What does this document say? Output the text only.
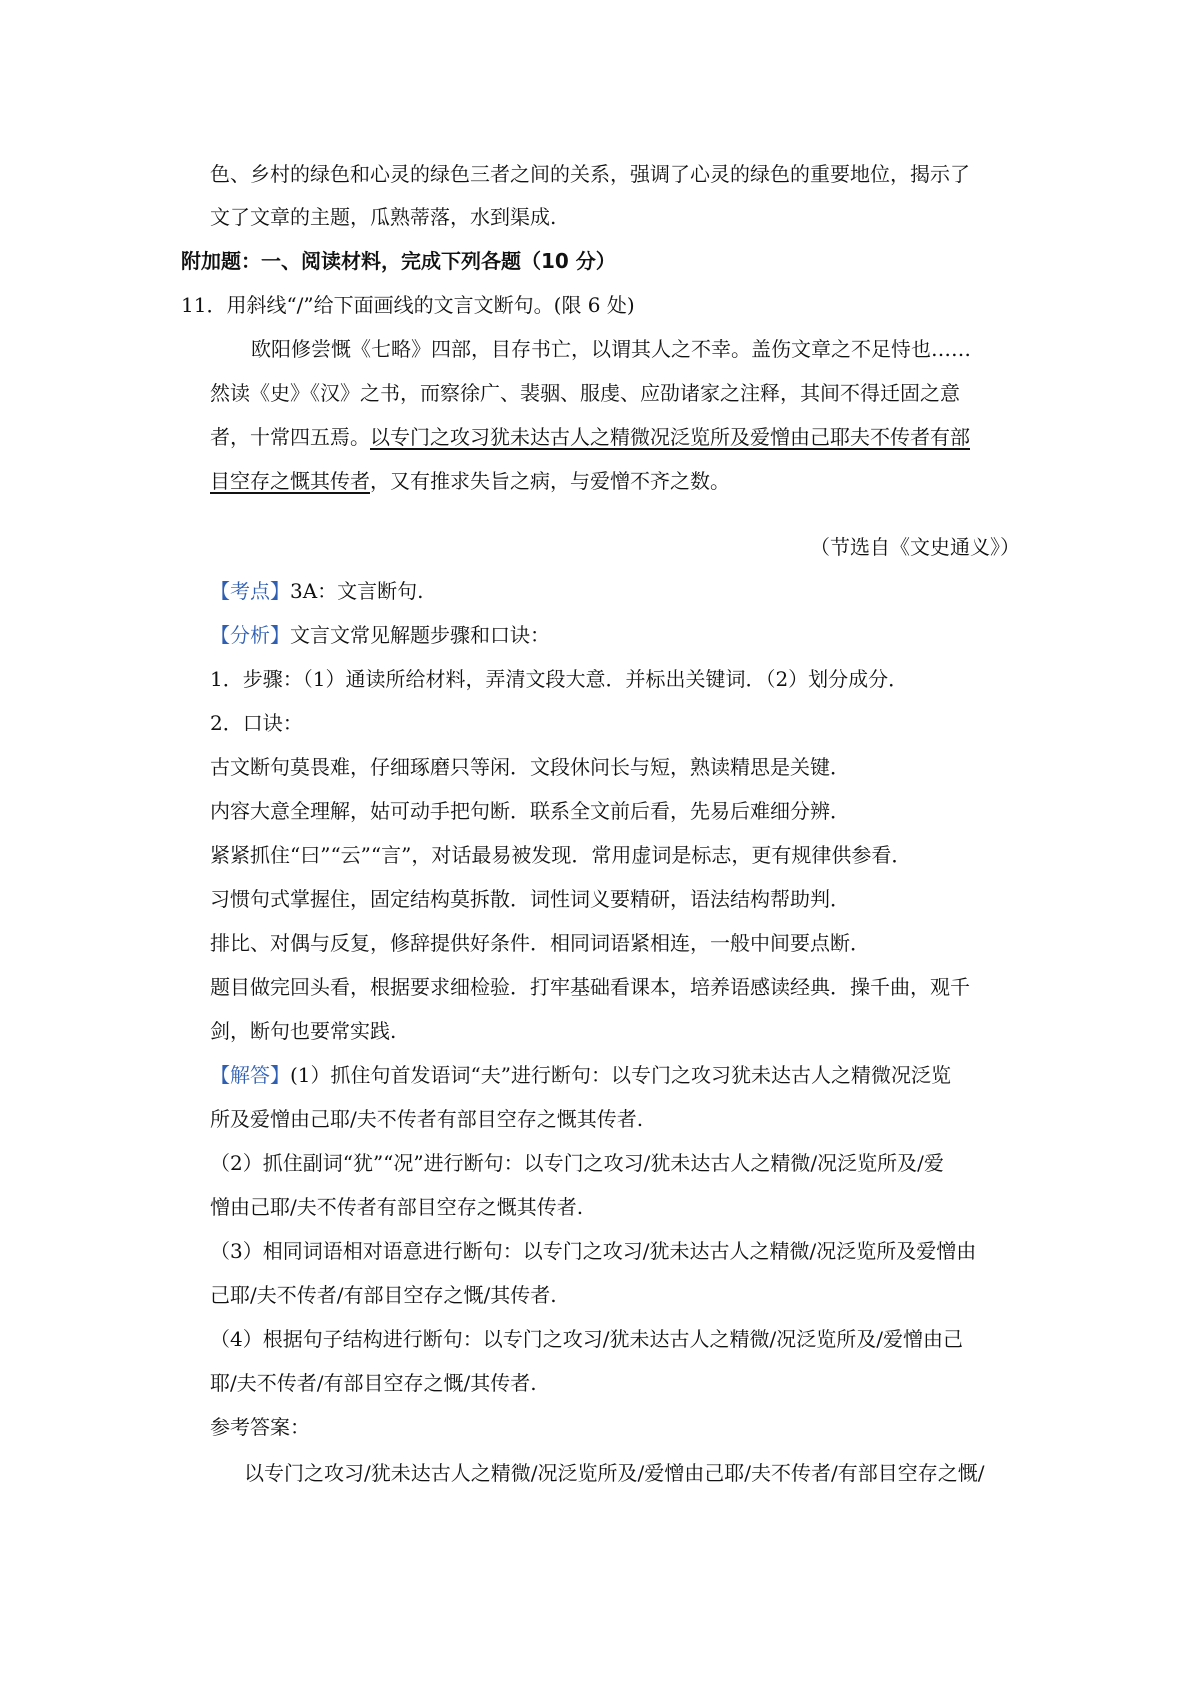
色、乡村的绿色和心灵的绿色三者之间的关系，强调了心灵的绿色的重要地位，揭示了
文了文章的主题，瓜熟蒂落，水到渠成.
附加题：一、阅读材料，完成下列各题（10 分）
11．用斜线“/”给下面画线的文言文断句。(限 6 处)
欧阳修尝慨《七略》四部，目存书亡，以谓其人之不幸。盖伤文章之不足恃也……
然读《史》《汉》之书，而察徐广、裴骃、服虔、应劭诸家之注释，其间不得迁固之意
者，十常四五焉。以专门之攻习犹未达古人之精微况泛览所及爱憎由己耶夫不传者有部
目空存之慨其传者，又有推求失旨之病，与爱憎不齐之数。
（节选自《文史通义》）
【考点】3A：文言断句.
【分析】文言文常见解题步骤和口诀：
1．步骤：（1）通读所给材料，弄清文段大意．并标出关键词．（2）划分成分．
2．口诀：
古文断句莫畏难，仔细琢磨只等闲．文段休问长与短，熟读精思是关键．
内容大意全理解，姑可动手把句断．联系全文前后看，先易后难细分辨．
紧紧抓住“曰”“云”“言”，对话最易被发现．常用虚词是标志，更有规律供参看．
习惯句式掌握住，固定结构莫拆散．词性词义要精研，语法结构帮助判．
排比、对偶与反复，修辞提供好条件．相同词语紧相连，一般中间要点断．
题目做完回头看，根据要求细检验．打牢基础看课本，培养语感读经典．操千曲，观千
剑，断句也要常实践.
【解答】(1）抓住句首发语词“夫”进行断句：以专门之攻习犹未达古人之精微况泛览
所及爱憎由己耶/夫不传者有部目空存之慨其传者.
（2）抓住副词“犹”“况”进行断句：以专门之攻习/犹未达古人之精微/况泛览所及/爱
憎由己耶/夫不传者有部目空存之慨其传者.
（3）相同词语相对语意进行断句：以专门之攻习/犹未达古人之精微/况泛览所及爱憎由
己耶/夫不传者/有部目空存之慨/其传者.
（4）根据句子结构进行断句：以专门之攻习/犹未达古人之精微/况泛览所及/爱憎由己
耶/夫不传者/有部目空存之慨/其传者.
参考答案：
以专门之攻习/犹未达古人之精微/况泛览所及/爱憎由己耶/夫不传者/有部目空存之慨/
